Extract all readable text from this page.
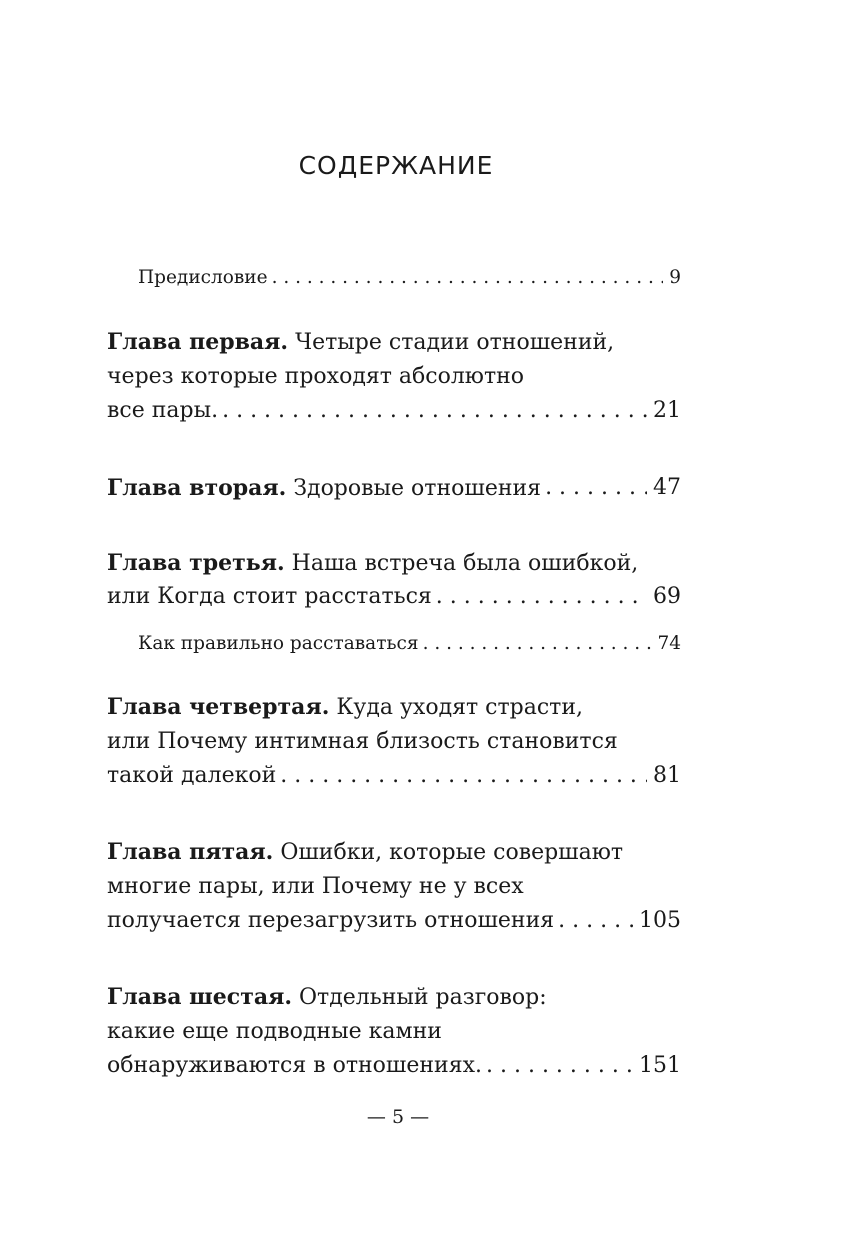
СОДЕРЖАНИЕ
Предисловие . . .	9
Глава первая. Четыре стадии отношений,
через которые проходят абсолютно
все пары. . . .	21
Глава вторая. Здоровые отношения . . .	47
Глава третья. Наша встреча была ошибкой,
или Когда стоит расстаться . . .	69
Как правильно расставаться . . .	74
Глава четвертая. Куда уходят страсти,
или Почему интимная близость становится
такой далекой . . .	81
Глава пятая. Ошибки, которые совершают
многие пары, или Почему не у всех
получается перезагрузить отношения . . .	105
Глава шестая. Отдельный разговор:
какие еще подводные камни
обнаруживаются в отношениях. . . .	151
— 5 —
